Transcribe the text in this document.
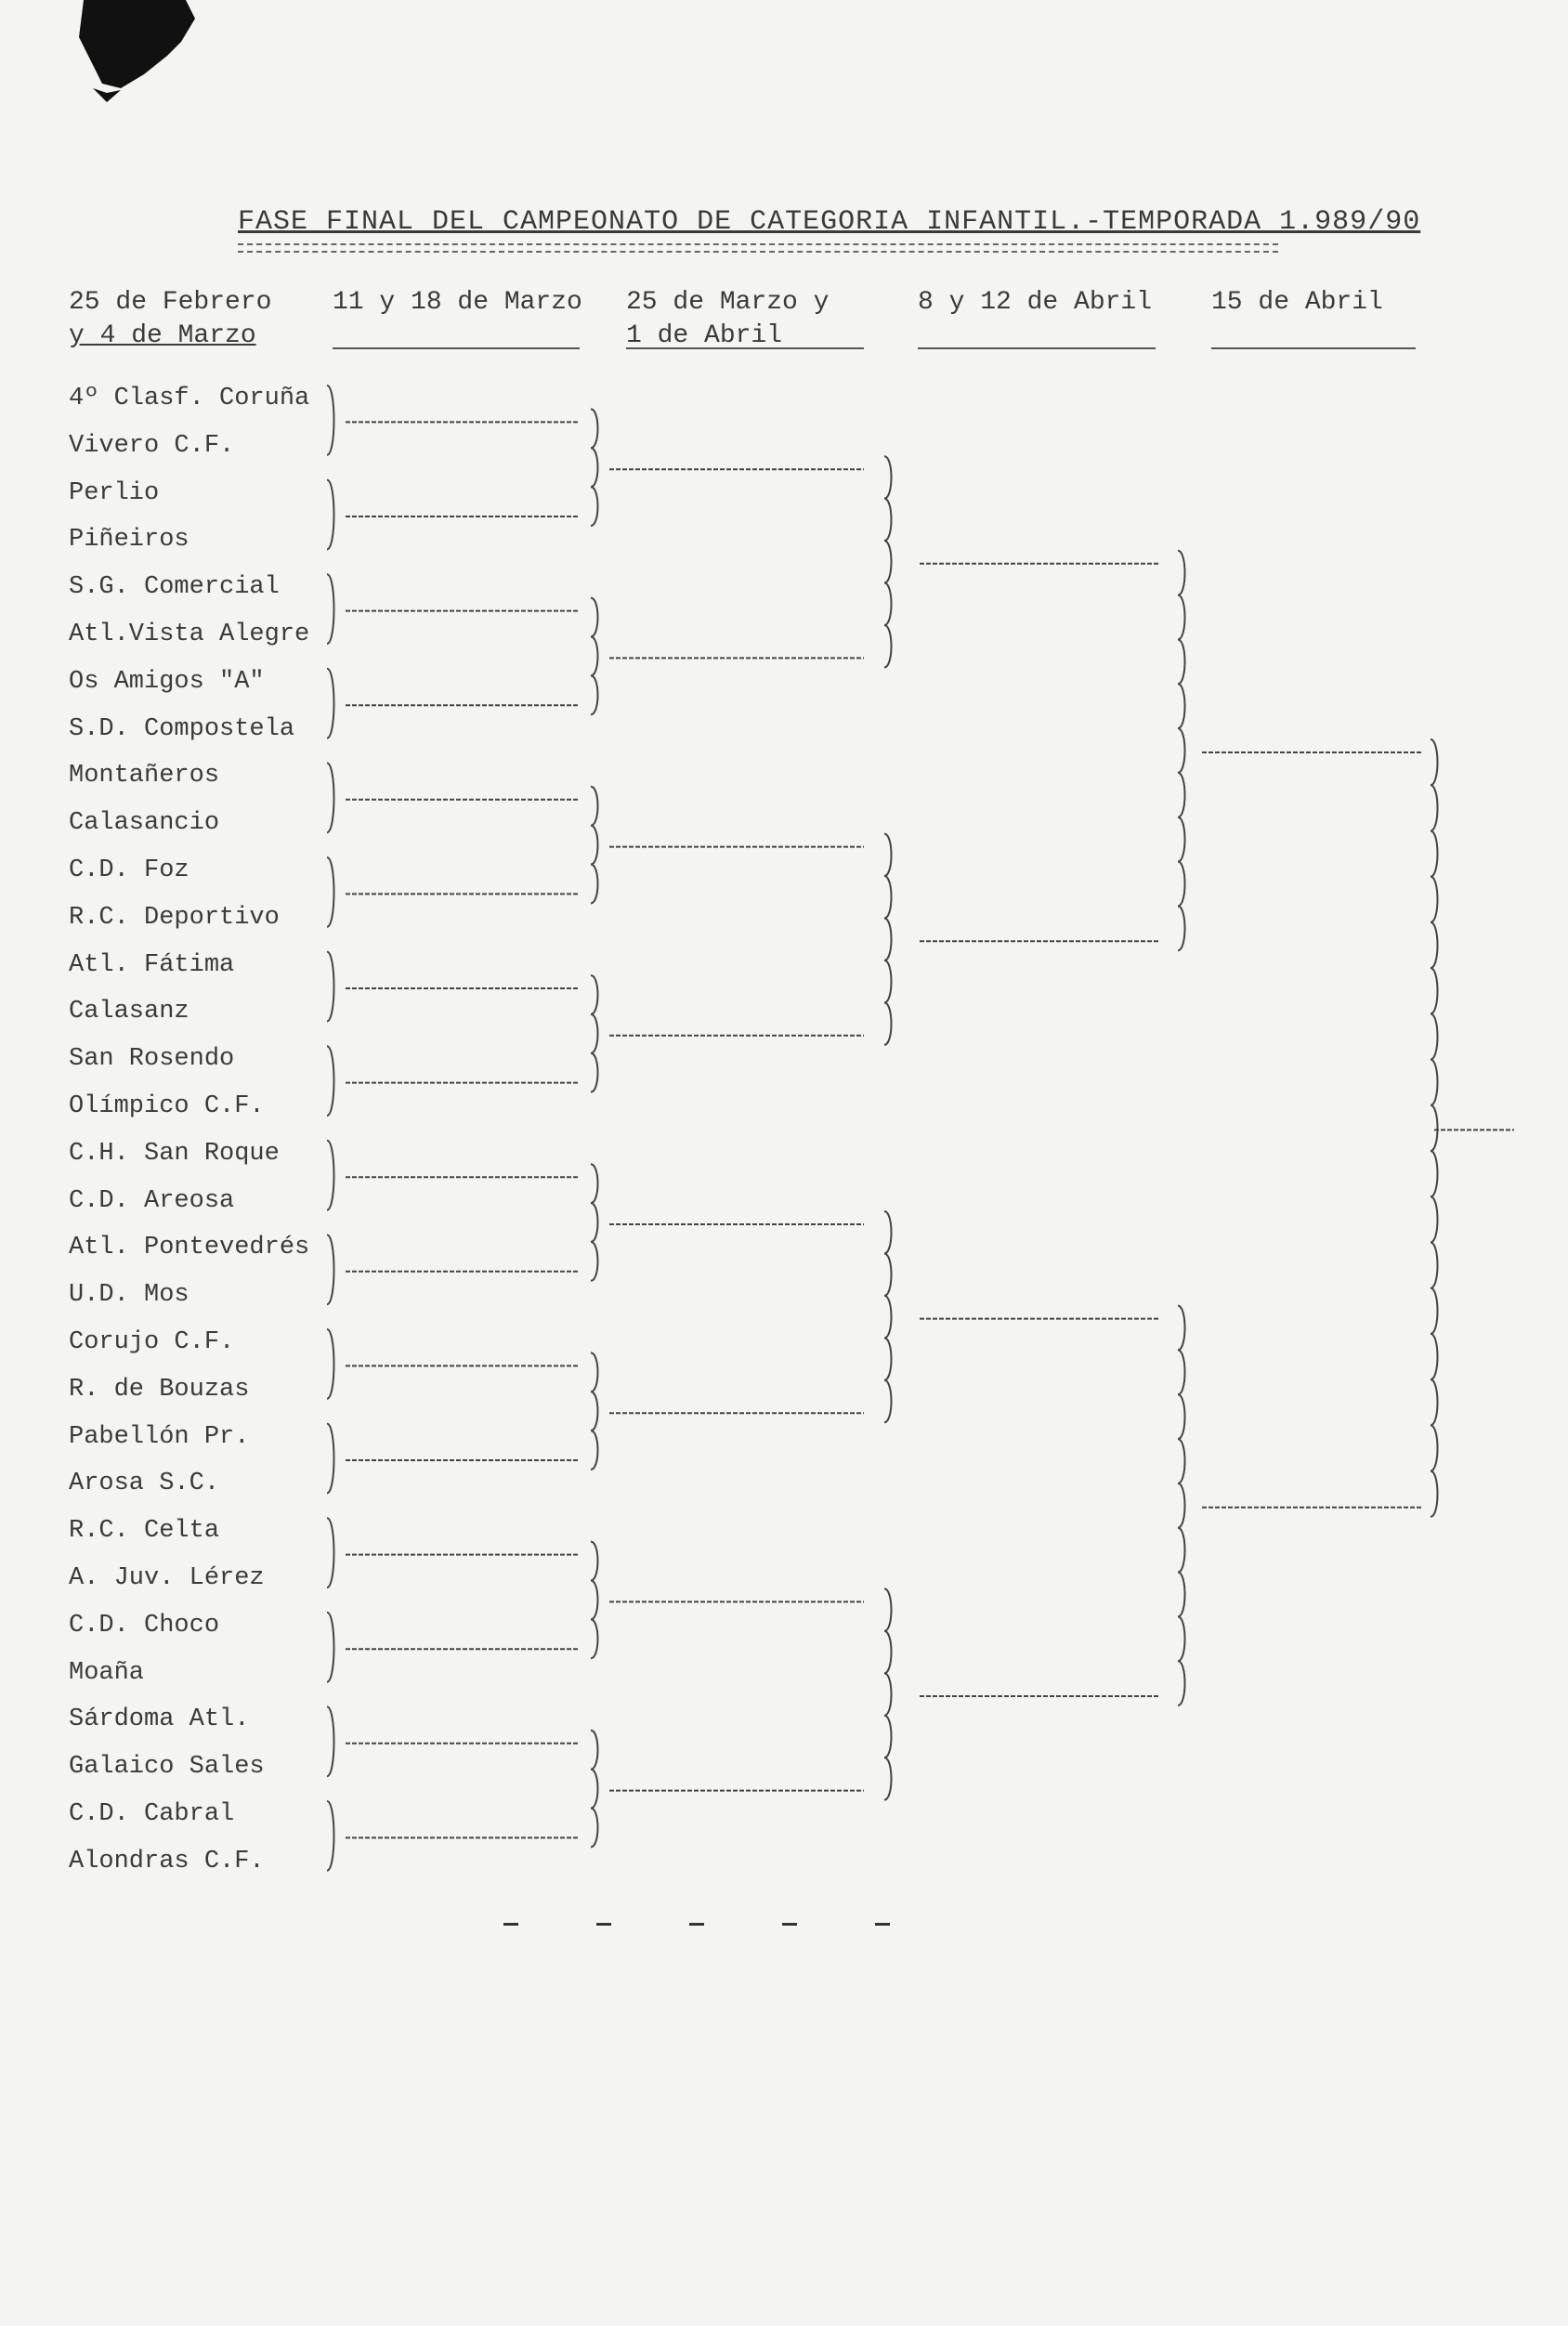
FASE FINAL DEL CAMPEONATO DE CATEGORIA INFANTIL.-TEMPORADA 1.989/90
25 de Febrero
y 4 de Marzo
11 y 18 de Marzo 25 de Marzo y
1 de Abril
8 y 12 de Abril 15 de Abril
4º Clasf. Coruña
Vivero C.F.
Perlio
Piñeiros
S.G. Comercial
Atl.Vista Alegre
Os Amigos "A"
S.D. Compostela
Montañeros
Calasancio
C.D. Foz
R.C. Deportivo
Atl. Fátima
Calasanz
San Rosendo
Olímpico C.F.
C.H. San Roque
C.D. Areosa
Atl. Pontevedrés
U.D. Mos
Corujo C.F.
R. de Bouzas
Pabellón Pr.
Arosa S.C.
R.C. Celta
A. Juv. Lérez
C.D. Choco
Moaña
Sárdoma Atl.
Galaico Sales
C.D. Cabral
Alondras C.F.
